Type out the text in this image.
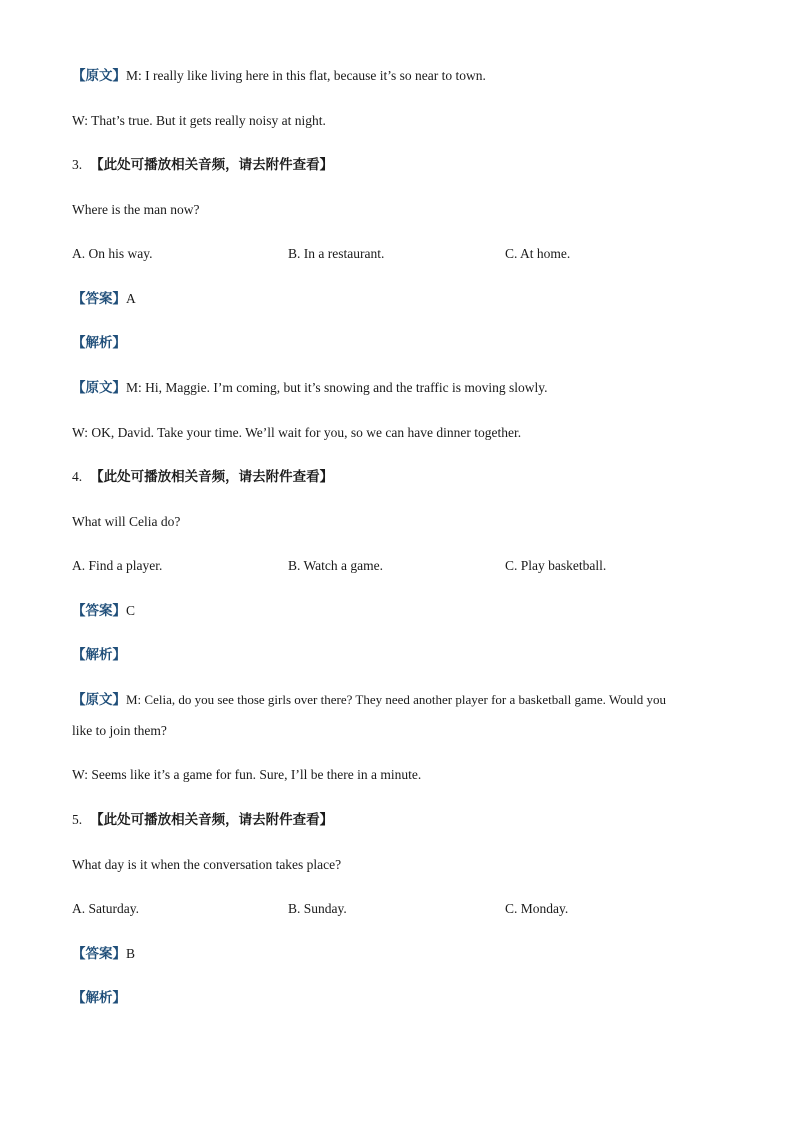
【原文】M: I really like living here in this flat, because it’s so near to town.
W: That’s true. But it gets really noisy at night.
3. 【此处可播放相关音频，请去附件查看】
Where is the man now?
A. On his way.	B. In a restaurant.	C. At home.
【答案】A
【解析】
【原文】M: Hi, Maggie. I’m coming, but it’s snowing and the traffic is moving slowly.
W: OK, David. Take your time. We’ll wait for you, so we can have dinner together.
4. 【此处可播放相关音频，请去附件查看】
What will Celia do?
A. Find a player.	B. Watch a game.	C. Play basketball.
【答案】C
【解析】
【原文】M: Celia, do you see those girls over there? They need another player for a basketball game. Would you
like to join them?
W: Seems like it’s a game for fun. Sure, I’ll be there in a minute.
5. 【此处可播放相关音频，请去附件查看】
What day is it when the conversation takes place?
A. Saturday.	B. Sunday.	C. Monday.
【答案】B
【解析】
